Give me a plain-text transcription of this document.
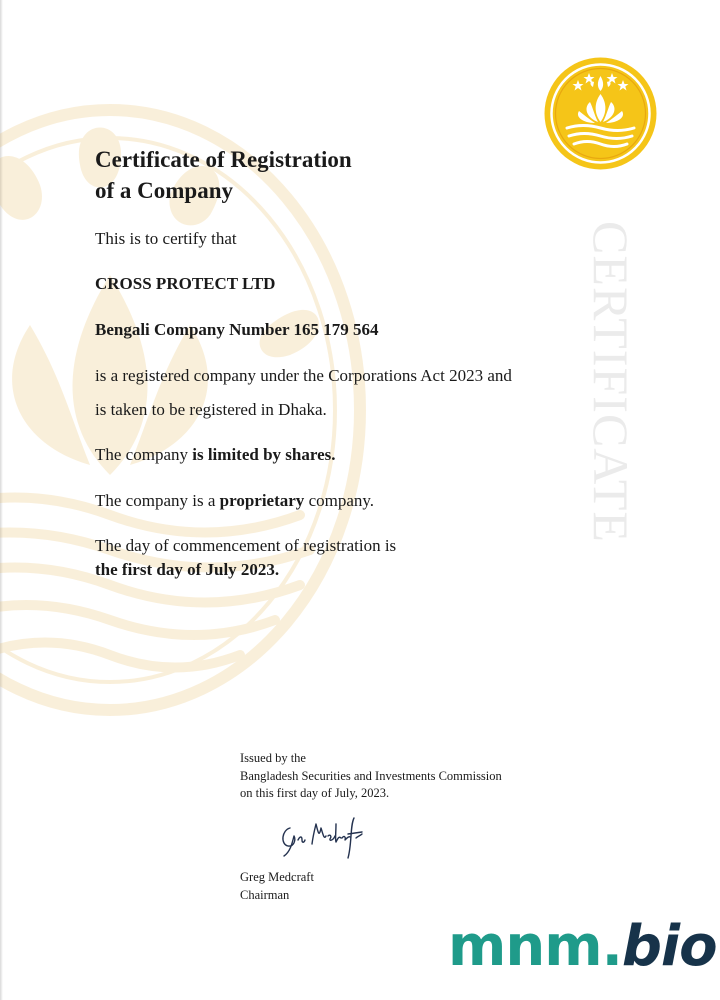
CERTIFICATE
Certificate of Registration
of a Company

This is to certify that

CROSS PROTECT LTD

Bengali Company Number 165 179 564

is a registered company under the Corporations Act 2023 and

is taken to be registered in Dhaka.

The company is limited by shares.

The company is a proprietary company.

The day of commencement of registration is

the first day of July 2023.

Issued by the
Bangladesh Securities and Investments Commission
on this first day of July, 2023.

Greg Medcraft
Chairman

mnm.bio
